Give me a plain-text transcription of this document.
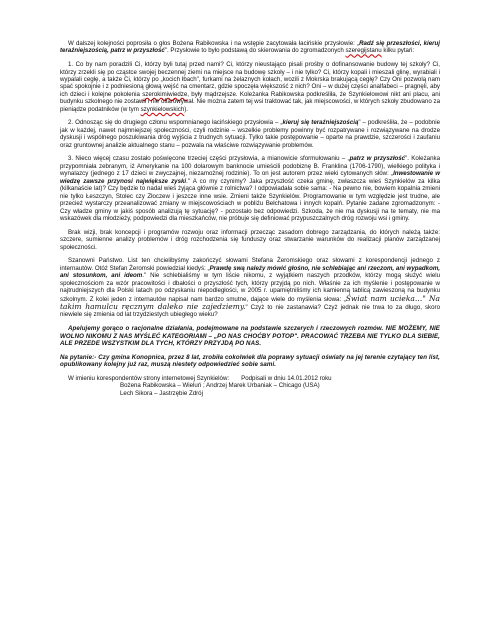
W dalszej kolejności poprosiła o głos Bożena Rabikowska i na wstępie zacytowała łacińskie przysłowie: „Radź się przeszłości, kieruj teraźniejszością, patrz w przyszłość". Przysłowie to było podstawą do skierowania do zgromadzonych szeregijstanu kilku pytań:

1. Co by nam poradzili Ci, którzy byli tutaj przed nami? Ci, którzy nieustająco pisali prośby o dofinansowanie budowy tej szkoły? Ci, którzy zrzekli się po cząstce swojej beczennej ziemi na miejsce na budowę szkoły – i nie tylko? Ci, którzy kopali i mieszali glinę, wyrabiali i wypalali cegłę, a także Ci, którzy po „kocich łbach", furkami na żelaznych kołach, wozili z Mokrska brakującą cegłę? Czy Oni pozwolą nam spać spokojnie i z podniesioną głową wejść na cmentarz, gdzie spoczęła większość z nich? Oni – w dużej części analfabeci – pragnęli, aby ich dzieci i kolejne pokolenia szerokimiwiedze, były mądrzejsze. Koleżanka Rabikowska podkreśliła, że Szynkielowowi nikt ani placu, ani budynku szkolnego nie zostawił i nie ofiarowywał. Nie można zatem tej wsi traktować tak, jak miejscowości, w których szkoły zbudowano za pieniądze podatników (w tym szynkielowskich).

2. Odnosząc się do drugiego członu wspomnianego łacińskiego przysłowia – „kieruj się teraźniejszością" – podkreśliła, że – podobnie jak w każdej, nawet najmniejszej społeczności, czyli rodzinie – wszelkie problemy powinny być rozpatrywane i rozwiązywane na drodze dyskusji i wspólnego poszukiwania dróg wyjścia z trudnych sytuacji. Tylko takie postępowanie – oparte na prawdzie, szczerości i zaufaniu oraz gruntownej analizie aktualnego stanu – pozwala na właściwe rozwiązywanie problemów.

3. Nieco więcej czasu zostało poświęcone trzeciej części przysłowia, a mianowicie sformułowaniu – „patrz w przyszłość". Koleżanka przypomniała zebranym, iż Amerykanie na 100 dolarowym banknocie umieścili podobiznę B. Franklina (1706-1790), wielkiego polityka i wynalazcy (jednego z 17 dzieci w zwyczajnej, niezamożnej rodzinie). To on jest autorem przez wieki cytowanych słów: „Inwestowanie w wiedzę zawsze przynosi największe zyski." A co my czynimy? Jaka przyszłość czeka gminę, zwłaszcza wieś Szynkielów za kilka (kilkanaście lat)? Czy będzie to nadal wieś żyjąca głównie z rolnictwa? I odpowiadała sobie sama: - Na pewno nie, bowiem kopalnia zmieni nie tylko Łeszczyn, Stolec czy Złoczew i jeszcze inne wsie. Zmieni także Szynkielów. Programowanie w tym względzie jest trudne, ale przecież wystarczy przeanalizować zmiany w miejscowościach w pobliżu Bełchatowa i innych kopalń. Pytanie zadane zgromadzonym: - Czy władze gminy w jakiś sposób analizują tę sytuację? - pozostało bez odpowiedzi. Szkoda, że nie ma dyskusji na te tematy, nie ma wskazówek dla młodzieży, podpowiedzi dla mieszkańców, nie próbuje się definiować przypuszczalnych dróg rozwoju wsi i gminy.

Brak wizji, brak koncepcji i programów rozwoju oraz informacji przecząc zasadom dobrego zarządzania, do których należą także: szczere, sumienne analizy problemów i dróg rozchodzenia się funduszy oraz stwarzanie warunków do realizacji planów zarządzanej społeczności.

Szanowni Państwo. List ten chcielibyśmy zakończyć słowami Stefana Żeromskiego oraz słowami z korespondencji jednego z internautów. Otóż Stefan Żeromski powiedział kiedyś: „Prawdę swą należy mówić głośno, nie schlebiając ani rzeczom, ani wypadkom, ani stosunkom, ani ideom." Nie schlebialiśmy w tym liście nikomu, z wyjątkiem naszych przodków, którzy mogą służyć wielu społecznościom za wzór pracowitości i dbałości o przyszłość tych, którzy przyjdą po nich. Właśnie za ich myślenie i postępowanie w najtrudniejszych dla Polski latach po odzyskaniu niepodległości, w 2005 r. upamiętniliśmy ich kamienną tablicą zawieszoną na budynku szkolnym. Z kolei jeden z internautów napisał nam bardzo smutne, dające wiele do myślenia słowa: „Świat nam ucieka…" Na takim hamulcu ręcznym daleko nie zajedziemy." Czyż to nie zastanawia? Czyż jednak nie trwa to za długo, skoro niewiele się zmienia od lat trzydziestych ubiegłego wieku?

Apelujemy gorąco o racjonalne działania, podejmowane na podstawie szczerych i rzeczowych rozmów. NIE MOŻEMY, NIE WOLNO NIKOMU Z NAS MYŚLEĆ KATEGORIAMI – „PO NAS CHOĆBY POTOP". PRACOWAĆ TRZEBA NIE TYLKO DLA SIEBIE, ALE PRZEDE WSZYSTKIM DLA TYCH, KTÓRZY PRZYJDĄ PO NAS.

Na pytanie:- Czy gmina Konopnica, przez 8 lat, zrobiła cokolwiek dla poprawy sytuacji oświaty na jej terenie czytający ten list, opublikowany kolejny już raz, muszą niestety odpowiedzieć sobie sami.

W imieniu korespondentów strony internetowej Szynkielów: Podpisali w dniu 14.01.2012 roku
Bożena Rabikowska – Wieluń ; Andrzej Marek Urbaniak – Chicago (USA)
Lech Sikora – Jastrzębie Zdrój
